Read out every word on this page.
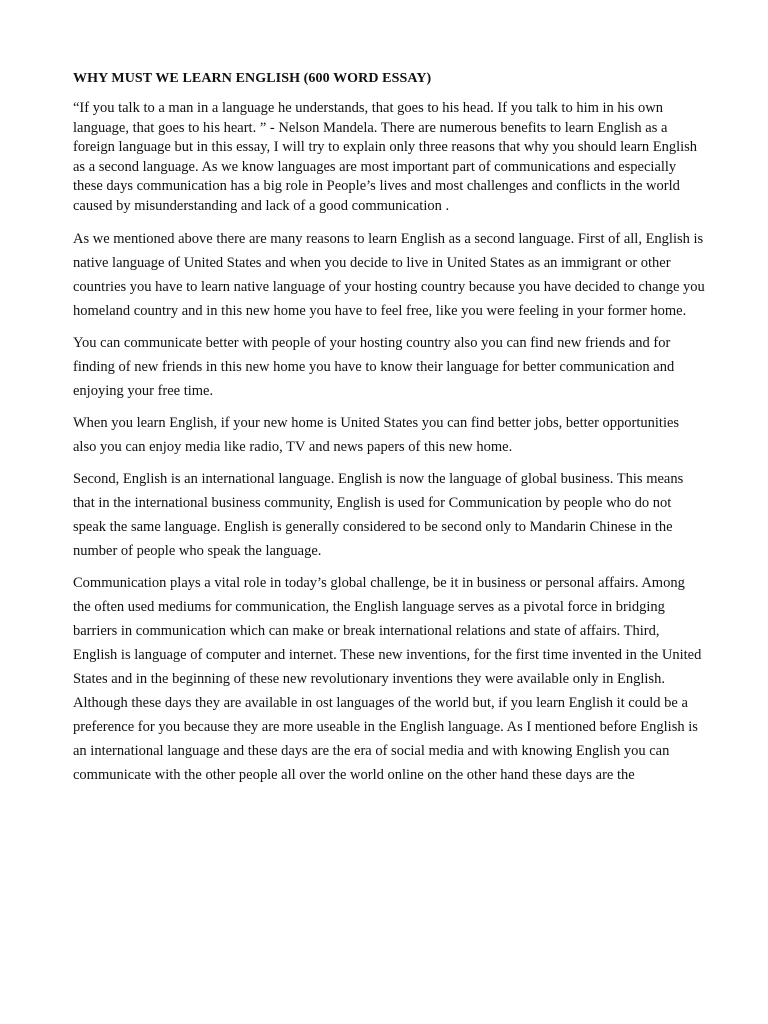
WHY MUST WE LEARN ENGLISH (600 WORD ESSAY)

“If you talk to a man in a language he understands, that goes to his head. If you talk to him in his own language, that goes to his heart. ” - Nelson Mandela. There are numerous benefits to learn English as a foreign language but in this essay, I will try to explain only three reasons that why you should learn English as a second language. As we know languages are most important part of communications and especially these days communication has a big role in People’s lives and most challenges and conflicts in the world caused by misunderstanding and lack of a good communication .

As we mentioned above there are many reasons to learn English as a second language. First of all, English is native language of United States and when you decide to live in United States as an immigrant or other countries you have to learn native language of your hosting country because you have decided to change you homeland country and in this new home you have to feel free, like you were feeling in your former home.

You can communicate better with people of your hosting country also you can find new friends and for finding of new friends in this new home you have to know their language for better communication and enjoying your free time.

When you learn English, if your new home is United States you can find better jobs, better opportunities also you can enjoy media like radio, TV and news papers of this new home.

Second, English is an international language. English is now the language of global business. This means that in the international business community, English is used for Communication by people who do not speak the same language. English is generally considered to be second only to Mandarin Chinese in the number of people who speak the language.

Communication plays a vital role in today’s global challenge, be it in business or personal affairs. Among the often used mediums for communication, the English language serves as a pivotal force in bridging barriers in communication which can make or break international relations and state of affairs. Third, English is language of computer and internet. These new inventions, for the first time invented in the United States and in the beginning of these new revolutionary inventions they were available only in English. Although these days they are available in ost languages of the world but, if you learn English it could be a preference for you because they are more useable in the English language. As I mentioned before English is an international language and these days are the era of social media and with knowing English you can communicate with the other people all over the world online on the other hand these days are the
